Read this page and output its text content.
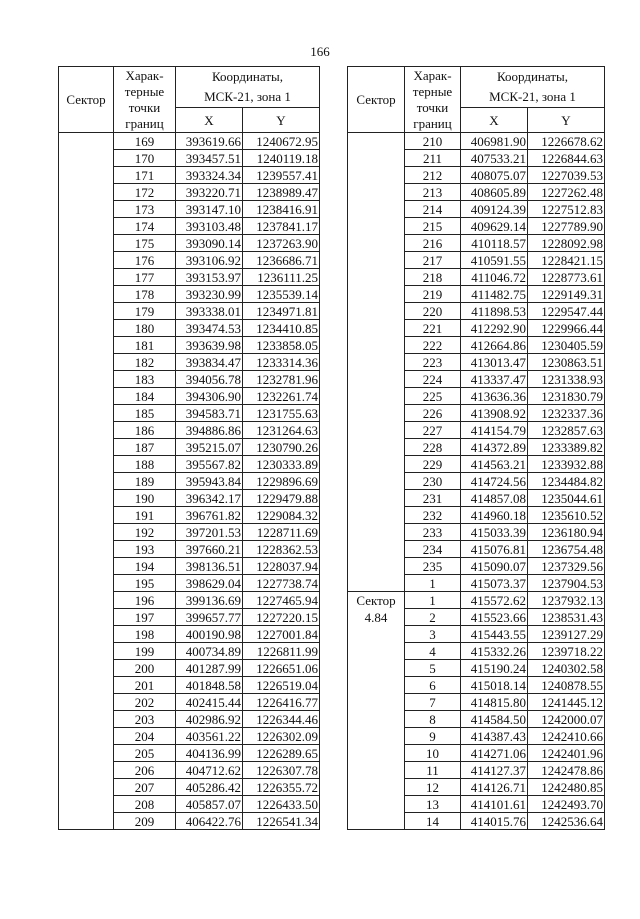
166
Сектор	Харак-
терные
точки
границ	Координаты,
МСК-21, зона 1	
		X	Y
	169	393619.66	1240672.95
	170	393457.51	1240119.18
	171	393324.34	1239557.41
	172	393220.71	1238989.47
	173	393147.10	1238416.91
	174	393103.48	1237841.17
	175	393090.14	1237263.90
	176	393106.92	1236686.71
	177	393153.97	1236111.25
	178	393230.99	1235539.14
	179	393338.01	1234971.81
	180	393474.53	1234410.85
	181	393639.98	1233858.05
	182	393834.47	1233314.36
	183	394056.78	1232781.96
	184	394306.90	1232261.74
	185	394583.71	1231755.63
	186	394886.86	1231264.63
	187	395215.07	1230790.26
	188	395567.82	1230333.89
	189	395943.84	1229896.69
	190	396342.17	1229479.88
	191	396761.82	1229084.32
	192	397201.53	1228711.69
	193	397660.21	1228362.53
	194	398136.51	1228037.94
	195	398629.04	1227738.74
	196	399136.69	1227465.94
	197	399657.77	1227220.15
	198	400190.98	1227001.84
	199	400734.89	1226811.99
	200	401287.99	1226651.06
	201	401848.58	1226519.04
	202	402415.44	1226416.77
	203	402986.92	1226344.46
	204	403561.22	1226302.09
	205	404136.99	1226289.65
	206	404712.62	1226307.78
	207	405286.42	1226355.72
	208	405857.07	1226433.50
	209	406422.76	1226541.34
Сектор	Харак-
терные
точки
границ	Координаты,
МСК-21, зона 1	
		X	Y
	210	406981.90	1226678.62
	211	407533.21	1226844.63
	212	408075.07	1227039.53
	213	408605.89	1227262.48
	214	409124.39	1227512.83
	215	409629.14	1227789.90
	216	410118.57	1228092.98
	217	410591.55	1228421.15
	218	411046.72	1228773.61
	219	411482.75	1229149.31
	220	411898.53	1229547.44
	221	412292.90	1229966.44
	222	412664.86	1230405.59
	223	413013.47	1230863.51
	224	413337.47	1231338.93
	225	413636.36	1231830.79
	226	413908.92	1232337.36
	227	414154.79	1232857.63
	228	414372.89	1233389.82
	229	414563.21	1233932.88
	230	414724.56	1234484.82
	231	414857.08	1235044.61
	232	414960.18	1235610.52
	233	415033.39	1236180.94
	234	415076.81	1236754.48
	235	415090.07	1237329.56
	1	415073.37	1237904.53

Сектор
4.84	1	415572.62	1237932.13
	2	415523.66	1238531.43
	3	415443.55	1239127.29
	4	415332.26	1239718.22
	5	415190.24	1240302.58
	6	415018.14	1240878.55
	7	414815.80	1241445.12
	8	414584.50	1242000.07
	9	414387.43	1242410.66
	10	414271.06	1242401.96
	11	414127.37	1242478.86
	12	414126.71	1242480.85
	13	414101.61	1242493.70
	14	414015.76	1242536.64
